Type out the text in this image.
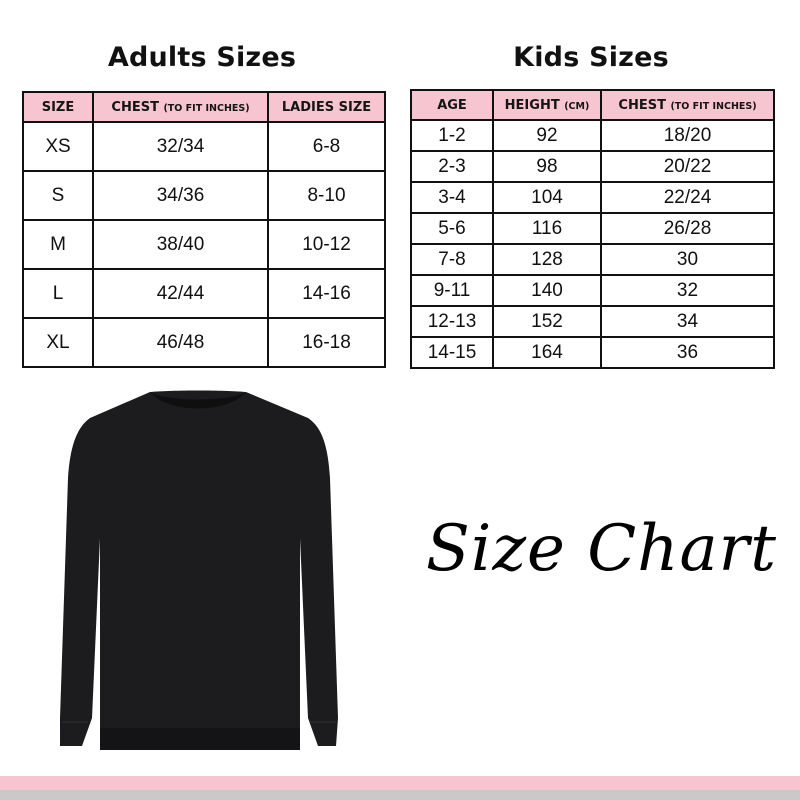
Adults Sizes
SIZE	CHEST (TO FIT INCHES)	LADIES SIZE
XS	32/34	6-8
S	34/36	8-10
M	38/40	10-12
L	42/44	14-16
XL	46/48	16-18
Kids Sizes
AGE	HEIGHT (CM)	CHEST (TO FIT INCHES)
1-2	92	18/20
2-3	98	20/22
3-4	104	22/24
5-6	116	26/28
7-8	128	30
9-11	140	32
12-13	152	34
14-15	164	36
Size Chart
